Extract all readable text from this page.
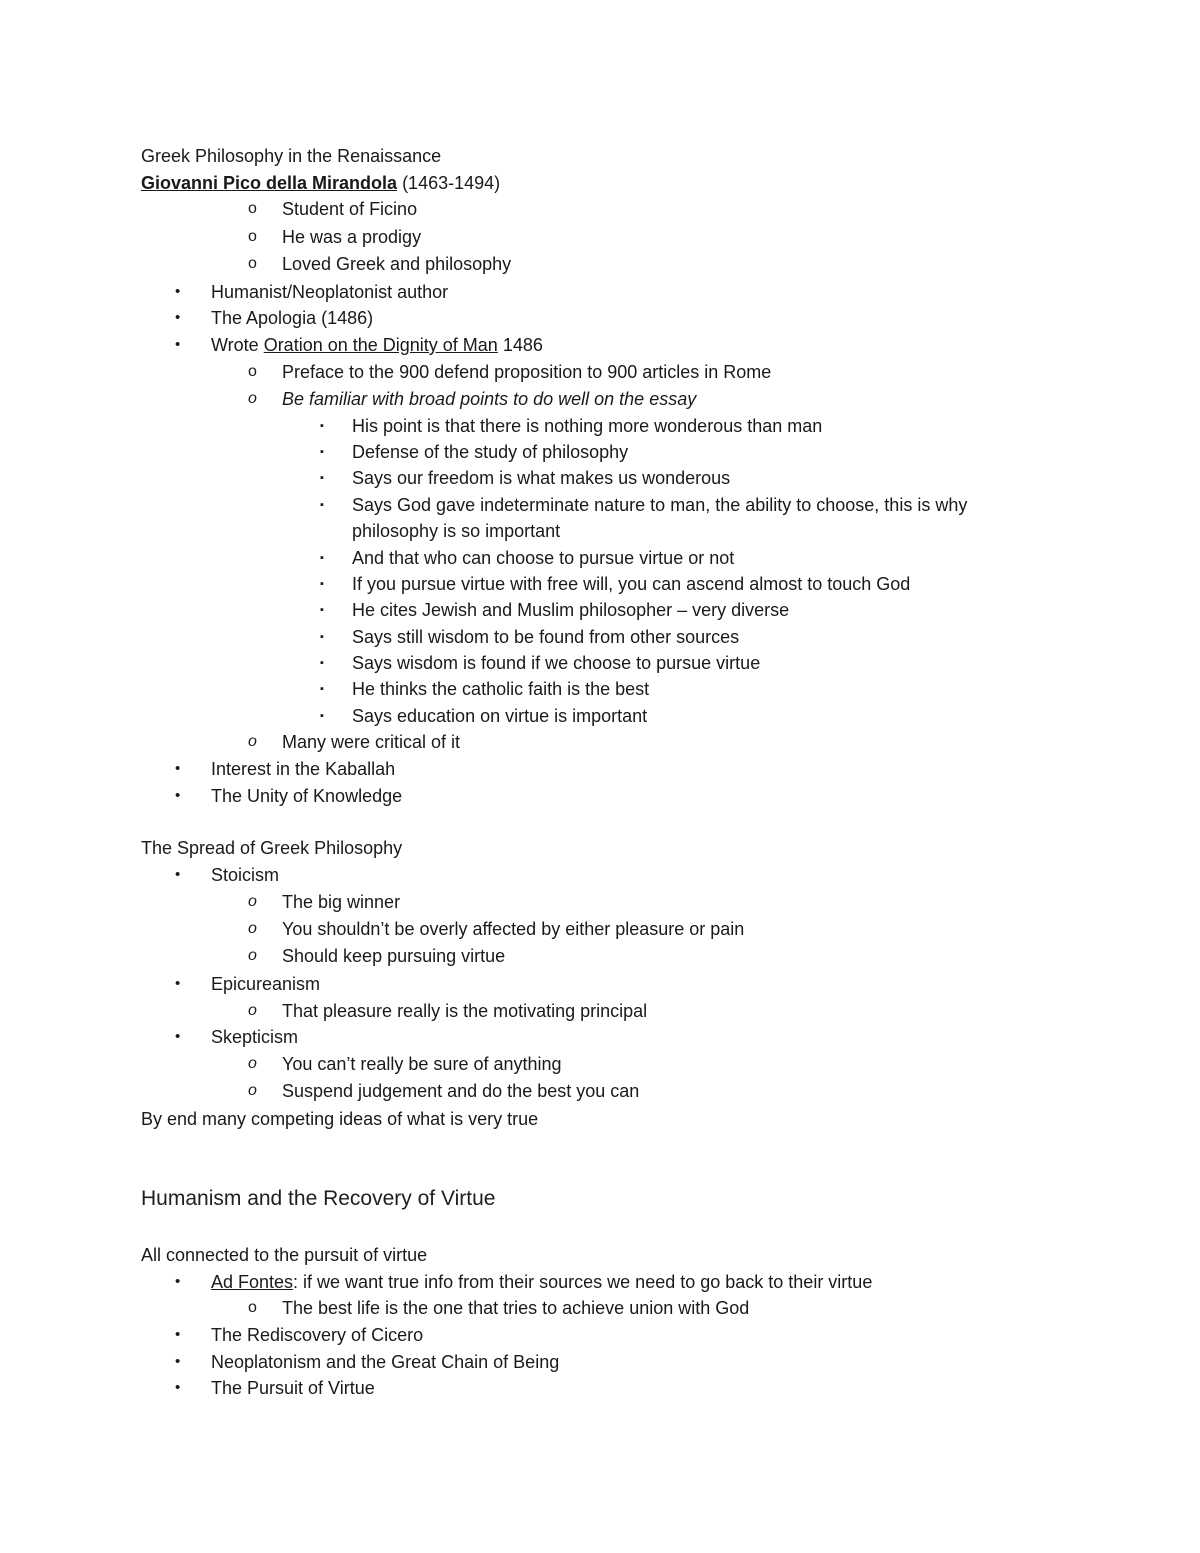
Greek Philosophy in the Renaissance
Giovanni Pico della Mirandola (1463-1494)
o Student of Ficino
o He was a prodigy
o Loved Greek and philosophy
• Humanist/Neoplatonist author
• The Apologia (1486)
• Wrote Oration on the Dignity of Man 1486
o Preface to the 900 defend proposition to 900 articles in Rome
o Be familiar with broad points to do well on the essay
▪ His point is that there is nothing more wonderous than man
▪ Defense of the study of philosophy
▪ Says our freedom is what makes us wonderous
▪ Says God gave indeterminate nature to man, the ability to choose, this is why
philosophy is so important
▪ And that who can choose to pursue virtue or not
▪ If you pursue virtue with free will, you can ascend almost to touch God
▪ He cites Jewish and Muslim philosopher – very diverse
▪ Says still wisdom to be found from other sources
▪ Says wisdom is found if we choose to pursue virtue
▪ He thinks the catholic faith is the best
▪ Says education on virtue is important
o Many were critical of it
• Interest in the Kaballah
• The Unity of Knowledge
The Spread of Greek Philosophy
• Stoicism
o The big winner
o You shouldn’t be overly affected by either pleasure or pain
o Should keep pursuing virtue
• Epicureanism
o That pleasure really is the motivating principal
• Skepticism
o You can’t really be sure of anything
o Suspend judgement and do the best you can
By end many competing ideas of what is very true
Humanism and the Recovery of Virtue
All connected to the pursuit of virtue
• Ad Fontes: if we want true info from their sources we need to go back to their virtue
o The best life is the one that tries to achieve union with God
• The Rediscovery of Cicero
• Neoplatonism and the Great Chain of Being
• The Pursuit of Virtue
